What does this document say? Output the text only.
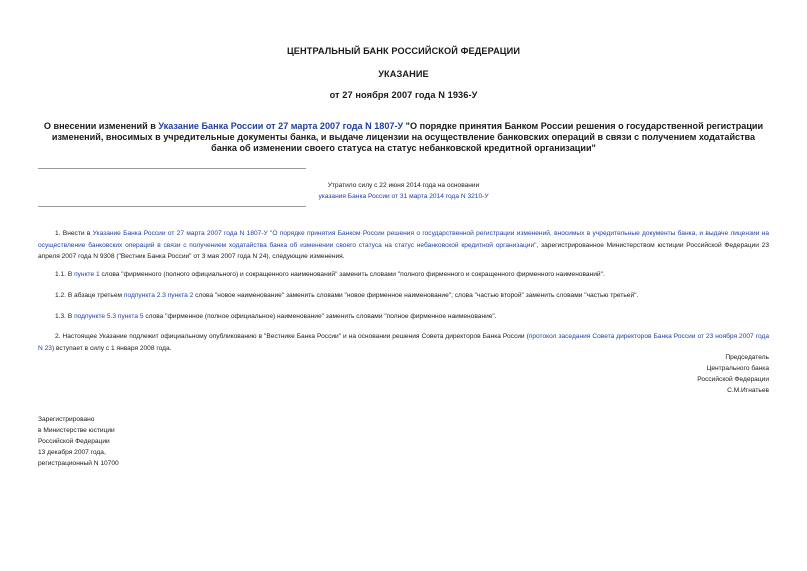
ЦЕНТРАЛЬНЫЙ БАНК РОССИЙСКОЙ ФЕДЕРАЦИИ
УКАЗАНИЕ
от 27 ноября 2007 года N 1936-У
О внесении изменений в Указание Банка России от 27 марта 2007 года N 1807-У "О порядке принятия Банком России решения о государственной регистрации изменений, вносимых в учредительные документы банка, и выдаче лицензии на осуществление банковских операций в связи с получением ходатайства банка об изменении своего статуса на статус небанковской кредитной организации"
Утратило силу с 22 июня 2014 года на основании
указания Банка России от 31 марта 2014 года N 3210-У
1. Внести в Указание Банка России от 27 марта 2007 года N 1807-У "О порядке принятия Банком России решения о государственной регистрации изменений, вносимых в учредительные документы банка, и выдаче лицензии на осуществление банковских операций в связи с получением ходатайства банка об изменении своего статуса на статус небанковской кредитной организации", зарегистрированное Министерством юстиции Российской Федерации 23 апреля 2007 года N 9308 ("Вестник Банка России" от 3 мая 2007 года N 24), следующие изменения.
1.1. В пункте 1 слова "фирменного (полного официального) и сокращенного наименований" заменить словами "полного фирменного и сокращенного фирменного наименований".
1.2. В абзаце третьем подпункта 2.3 пункта 2 слова "новое наименование" заменить словами "новое фирменное наименование"; слова "частью второй" заменить словами "частью третьей".
1.3. В подпункте 5.3 пункта 5 слова "фирменное (полное официальное) наименование" заменить словами "полное фирменное наименование".
2. Настоящее Указание подлежит официальному опубликованию в "Вестнике Банка России" и на основании решения Совета директоров Банка России (протокол заседания Совета директоров Банка России от 23 ноября 2007 года N 23) вступает в силу с 1 января 2008 года.
Председатель
Центрального банка
Российской Федерации
С.М.Игнатьев
Зарегистрировано
в Министерстве юстиции
Российской Федерации
13 декабря 2007 года,
регистрационный N 10700
